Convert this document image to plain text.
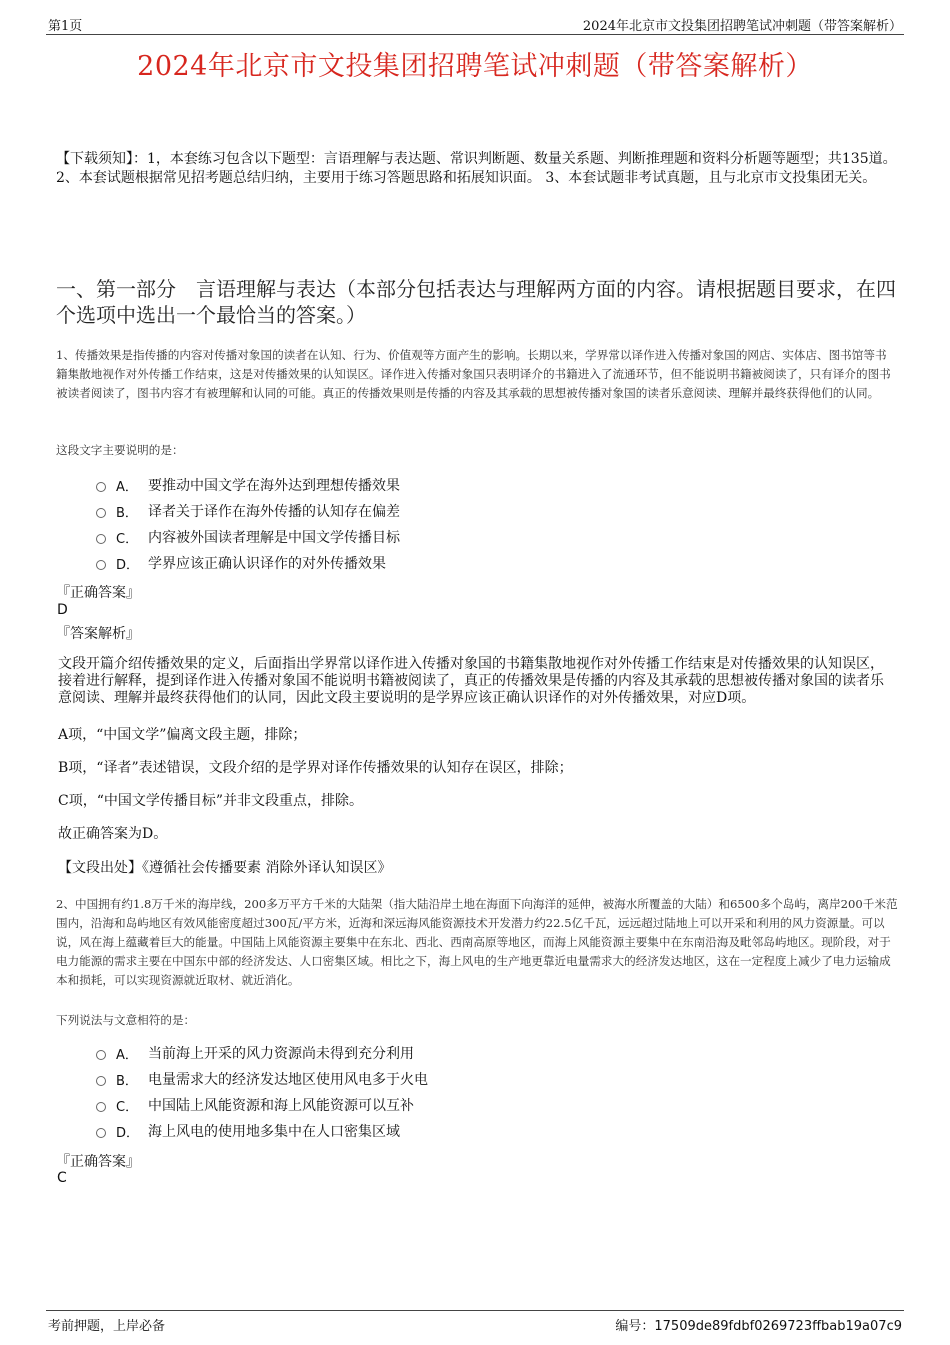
第1页	2024年北京市文投集团招聘笔试冲刺题（带答案解析）
2024年北京市文投集团招聘笔试冲刺题（带答案解析）
【下载须知】：1，本套练习包含以下题型：言语理解与表达题、常识判断题、数量关系题、判断推理题和资料分析题等题型；共135道。 2、本套试题根据常见招考题总结归纳，主要用于练习答题思路和拓展知识面。 3、本套试题非考试真题，且与北京市文投集团无关。
一、第一部分　言语理解与表达（本部分包括表达与理解两方面的内容。请根据题目要求，在四个选项中选出一个最恰当的答案。）
1、传播效果是指传播的内容对传播对象国的读者在认知、行为、价值观等方面产生的影响。长期以来，学界常以译作进入传播对象国的网店、实体店、图书馆等书籍集散地视作对外传播工作结束，这是对传播效果的认知误区。译作进入传播对象国只表明译介的书籍进入了流通环节，但不能说明书籍被阅读了，只有译介的图书被读者阅读了，图书内容才有被理解和认同的可能。真正的传播效果则是传播的内容及其承载的思想被传播对象国的读者乐意阅读、理解并最终获得他们的认同。
这段文字主要说明的是：
A． 要推动中国文学在海外达到理想传播效果
B． 译者关于译作在海外传播的认知存在偏差
C． 内容被外国读者理解是中国文学传播目标
D． 学界应该正确认识译作的对外传播效果
『正确答案』
D
『答案解析』
文段开篇介绍传播效果的定义，后面指出学界常以译作进入传播对象国的书籍集散地视作对外传播工作结束是对传播效果的认知误区，接着进行解释，提到译作进入传播对象国不能说明书籍被阅读了，真正的传播效果是传播的内容及其承载的思想被传播对象国的读者乐意阅读、理解并最终获得他们的认同，因此文段主要说明的是学界应该正确认识译作的对外传播效果，对应D项。
A项，“中国文学”偏离文段主题，排除；
B项，“译者”表述错误，文段介绍的是学界对译作传播效果的认知存在误区，排除；
C项，“中国文学传播目标”并非文段重点，排除。
故正确答案为D。
【文段出处】《遵循社会传播要素 消除外译认知误区》
2、中国拥有约1.8万千米的海岸线，200多万平方千米的大陆架（指大陆沿岸土地在海面下向海洋的延伸，被海水所覆盖的大陆）和6500多个岛屿，离岸200千米范围内，沿海和岛屿地区有效风能密度超过300瓦/平方米，近海和深远海风能资源技术开发潜力约22.5亿千瓦，远远超过陆地上可以开采和利用的风力资源量。可以说，风在海上蕴藏着巨大的能量。中国陆上风能资源主要集中在东北、西北、西南高原等地区，而海上风能资源主要集中在东南沿海及毗邻岛屿地区。现阶段，对于电力能源的需求主要在中国东中部的经济发达、人口密集区域。相比之下，海上风电的生产地更靠近电量需求大的经济发达地区，这在一定程度上减少了电力运输成本和损耗，可以实现资源就近取材、就近消化。
下列说法与文意相符的是：
A． 当前海上开采的风力资源尚未得到充分利用
B． 电量需求大的经济发达地区使用风电多于火电
C． 中国陆上风能资源和海上风能资源可以互补
D． 海上风电的使用地多集中在人口密集区域
『正确答案』
C
考前押题，上岸必备	编号：17509de89fdbf0269723ffbab19a07c9
